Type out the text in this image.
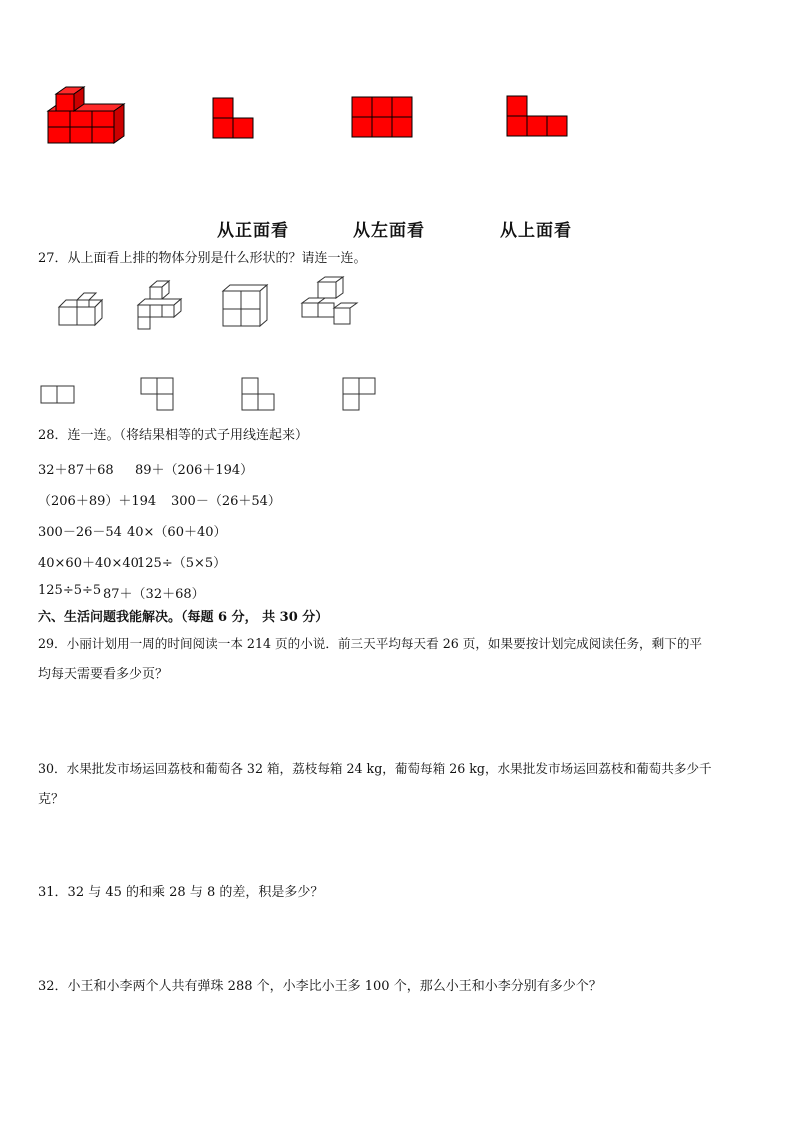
从正面看	从左面看	从上面看
27．从上面看上排的物体分别是什么形状的？请连一连。
28．连一连。（将结果相等的式子用线连起来）
32＋87＋68 89＋（206＋194）
（206＋89）＋194 300－（26＋54）
300－26－54 40×（60＋40）
40×60＋40×40
125÷（5×5）
125÷5÷5 87＋（32＋68）
六、生活问题我能解决。（每题 6 分， 共 30 分）
29．小丽计划用一周的时间阅读一本 214 页的小说．前三天平均每天看 26 页，如果要按计划完成阅读任务，剩下的平
均每天需要看多少页？
30．水果批发市场运回荔枝和葡萄各 32 箱，荔枝每箱 24 kg，葡萄每箱 26 kg，水果批发市场运回荔枝和葡萄共多少千
克？
31．32 与 45 的和乘 28 与 8 的差，积是多少？
32．小王和小李两个人共有弹珠 288 个，小李比小王多 100 个，那么小王和小李分别有多少个？
